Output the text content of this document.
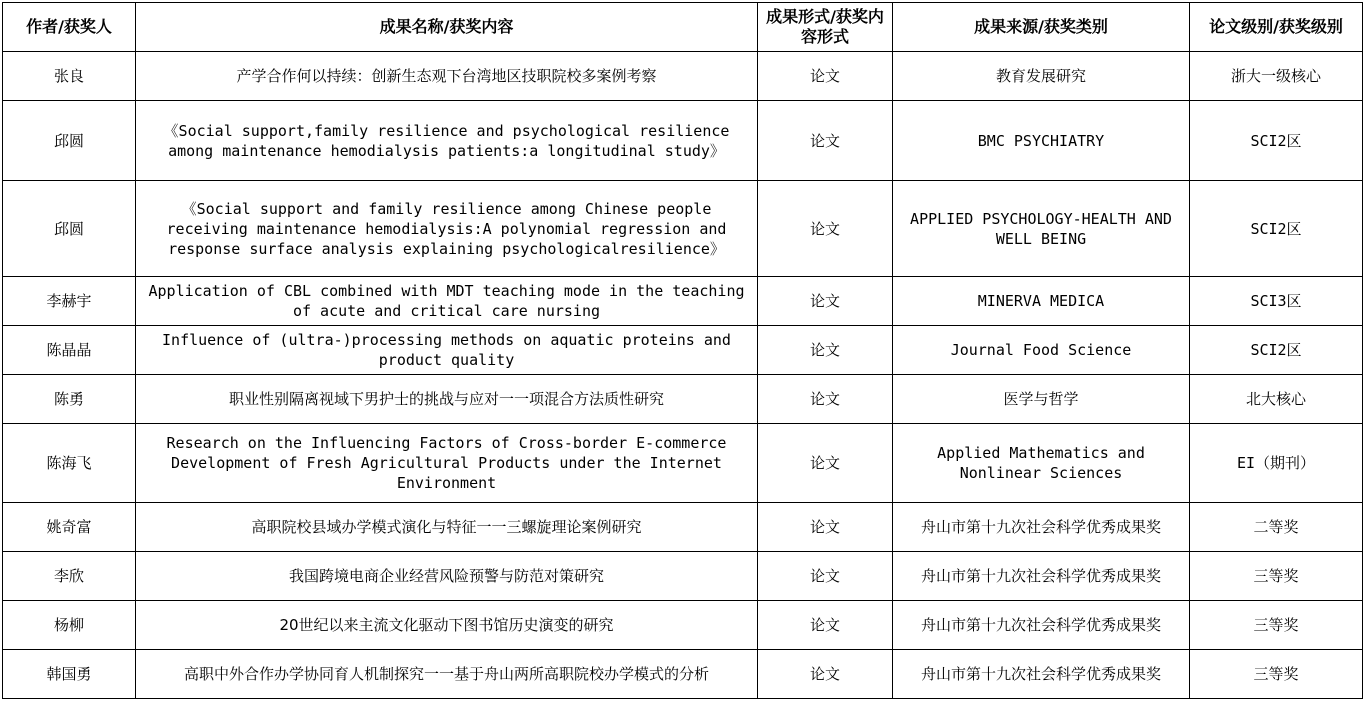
作者/获奖人	成果名称/获奖内容	成果形式/获奖内容形式	成果来源/获奖类别	论文级别/获奖级别
张良	产学合作何以持续：创新生态观下台湾地区技职院校多案例考察	论文	教育发展研究	浙大一级核心
邱圆	《Social support,family resilience and psychological resilience among maintenance hemodialysis patients:a longitudinal study》	论文	BMC PSYCHIATRY	SCI2区
邱圆	《Social support and family resilience among Chinese people receiving maintenance hemodialysis:A polynomial regression and response surface analysis explaining psychologicalresilience》	论文	APPLIED PSYCHOLOGY-HEALTH AND WELL BEING	SCI2区
李赫宇	Application of CBL combined with MDT teaching mode in the teaching of acute and critical care nursing	论文	MINERVA MEDICA	SCI3区
陈晶晶	Influence of (ultra-)processing methods on aquatic proteins and product quality	论文	Journal Food Science	SCI2区
陈勇	职业性别隔离视域下男护士的挑战与应对一一项混合方法质性研究	论文	医学与哲学	北大核心
陈海飞	Research on the Influencing Factors of Cross-border E-commerce Development of Fresh Agricultural Products under the Internet Environment	论文	Applied Mathematics and Nonlinear Sciences	EI（期刊）
姚奇富	高职院校县域办学模式演化与特征一一三螺旋理论案例研究	论文	舟山市第十九次社会科学优秀成果奖	二等奖
李欣	我国跨境电商企业经营风险预警与防范对策研究	论文	舟山市第十九次社会科学优秀成果奖	三等奖
杨柳	20世纪以来主流文化驱动下图书馆历史演变的研究	论文	舟山市第十九次社会科学优秀成果奖	三等奖
韩国勇	高职中外合作办学协同育人机制探究一一基于舟山两所高职院校办学模式的分析	论文	舟山市第十九次社会科学优秀成果奖	三等奖
